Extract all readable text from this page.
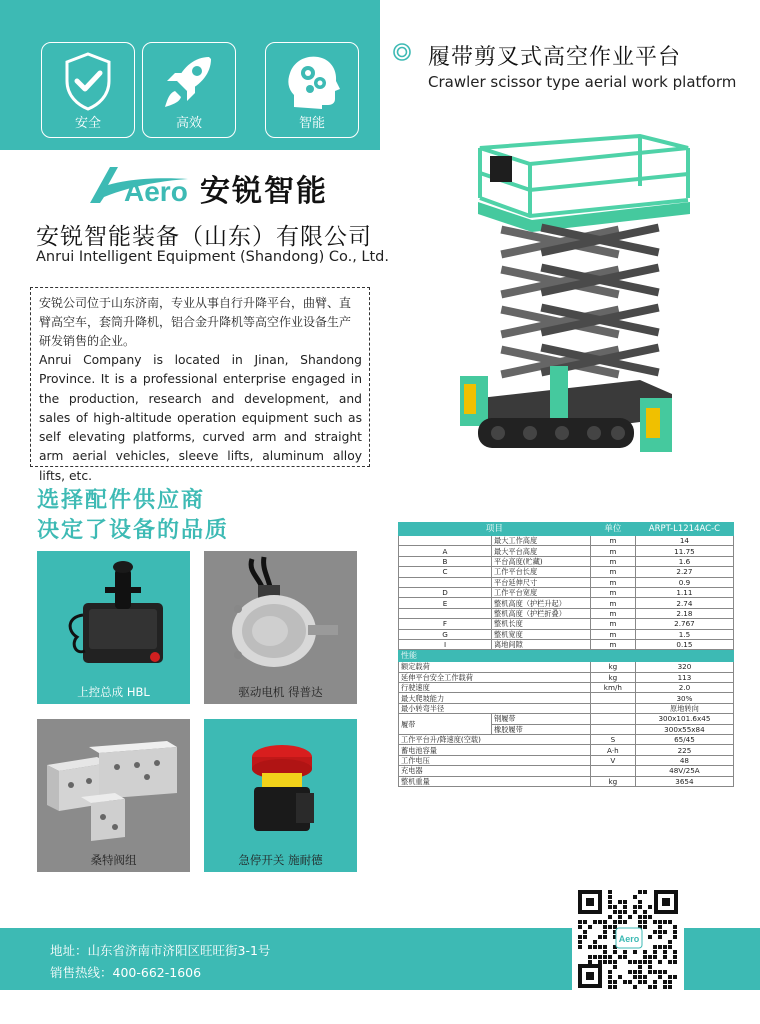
安全	高效	智能
履带剪叉式高空作业平台
Crawler scissor type aerial work platform
Aero 安锐智能
安锐智能装备（山东）有限公司
Anrui Intelligent Equipment (Shandong) Co., Ltd.
安锐公司位于山东济南，专业从事自行升降平台，曲臂、直臂高空车，套筒升降机，铝合金升降机等高空作业设备生产研发销售的企业。
Anrui Company is located in Jinan, Shandong Province. It is a professional enterprise engaged in the production, research and development, and sales of high-altitude operation equipment such as self elevating platforms, curved arm and straight arm aerial vehicles, sleeve lifts, aluminum alloy lifts, etc.
选择配件供应商
决定了设备的品质
上控总成 HBL	驱动电机 得普达
桑特阀组	急停开关 施耐德
项目		单位	ARPT-L1214AC-C
	最大工作高度	m	14
A	最大平台高度	m	11.75
B	平台高度(贮藏)	m	1.6
C	工作平台长度	m	2.27
	平台延伸尺寸	m	0.9
D	工作平台宽度	m	1.11
E	整机高度（护栏升起）	m	2.74
	整机高度（护栏折叠）	m	2.18
F	整机长度	m	2.767
G	整机宽度	m	1.5
I	离地间隙	m	0.15
性能			
额定载荷		kg	320
延伸平台安全工作载荷		kg	113
行驶速度		km/h	2.0
最大爬坡能力			30%
最小转弯半径			原地转向
履带	钢履带		300x101.6x45
	橡胶履带		300x55x84
工作平台升/降速度(空载)		S	65/45
蓄电池容量		A·h	225
工作电压		V	48
充电器			48V/25A
整机重量		kg	3654
地址：山东省济南市济阳区旺旺街3-1号
销售热线：400-662-1606
Aero
